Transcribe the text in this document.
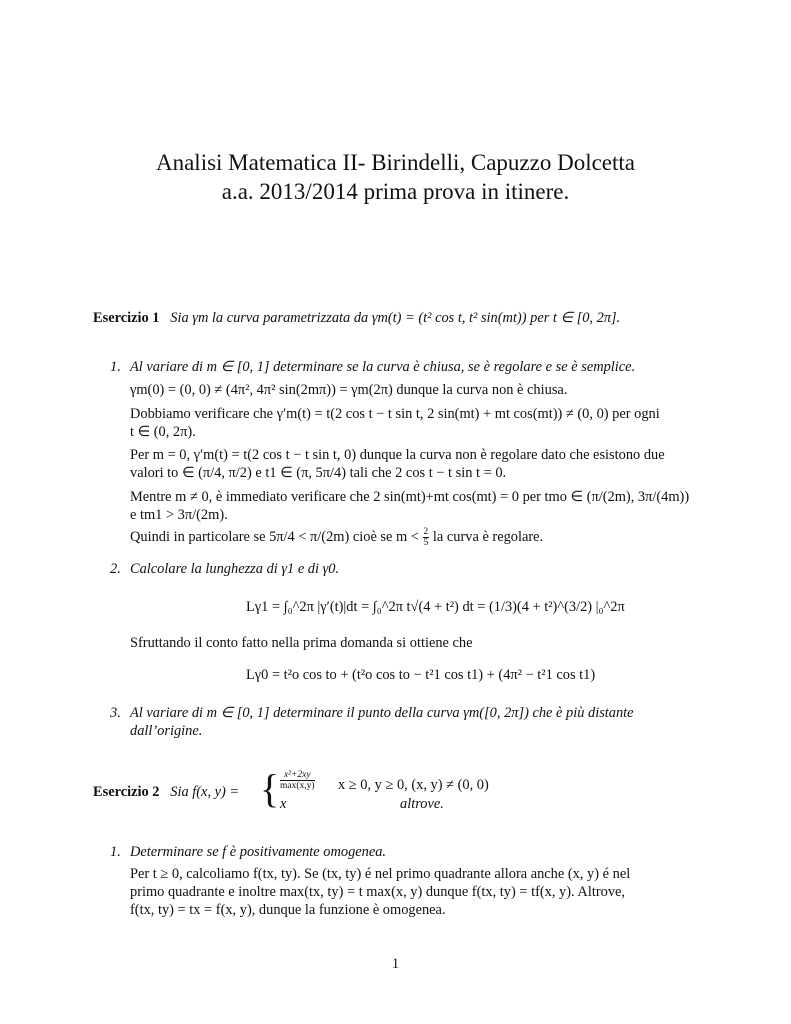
Analisi Matematica II- Birindelli, Capuzzo Dolcetta
a.a. 2013/2014 prima prova in itinere.
Esercizio 1 Sia γm la curva parametrizzata da γm(t) = (t² cos t, t² sin(mt)) per t ∈ [0, 2π].
1. Al variare di m ∈ [0, 1] determinare se la curva è chiusa, se è regolare e se è semplice.
γm(0) = (0, 0) ≠ (4π², 4π² sin(2mπ)) = γm(2π) dunque la curva non è chiusa.
Dobbiamo verificare che γ′m(t) = t(2 cos t − t sin t, 2 sin(mt) + mt cos(mt)) ≠ (0, 0) per ogni
t ∈ (0, 2π).
Per m = 0, γ′m(t) = t(2 cos t − t sin t, 0) dunque la curva non è regolare dato che esistono due
valori to ∈ (π/4, π/2) e t1 ∈ (π, 5π/4) tali che 2 cos t − t sin t = 0.
Mentre m ≠ 0, è immediato verificare che 2 sin(mt)+mt cos(mt) = 0 per tmo ∈ (π/(2m), 3π/(4m))
e tm1 > 3π/(2m).
Quindi in particolare se 5π/4 < π/(2m) cioè se $m < \frac{2}{5}$ la curva è regolare.
2. Calcolare la lunghezza di γ1 e di γ0.
Lγ1 = ∫₀^2π |γ′(t)|dt = ∫₀^2π t√(4 + t²) dt = (1/3)(4 + t²)^(3/2) |₀^2π
Sfruttando il conto fatto nella prima domanda si ottiene che
Lγ0 = t²o cos to + (t²o cos to − t²1 cos t1) + (4π² − t²1 cos t1)
3. Al variare di m ∈ [0, 1] determinare il punto della curva γm([0, 2π]) che è più distante
dall’origine.
Esercizio 2 Sia f(x, y) = { $\frac{\text{x²+2xy}}{\max(x,y)}$ x ≥ 0, y ≥ 0, (x, y) ≠ (0, 0)
x	altrove.
1. Determinare se f è positivamente omogenea.
Per t ≥ 0, calcoliamo f(tx, ty). Se (tx, ty) é nel primo quadrante allora anche (x, y) é nel
primo quadrante e inoltre max(tx, ty) = t max(x, y) dunque f(tx, ty) = tf(x, y). Altrove,
f(tx, ty) = tx = f(x, y), dunque la funzione è omogenea.
1
